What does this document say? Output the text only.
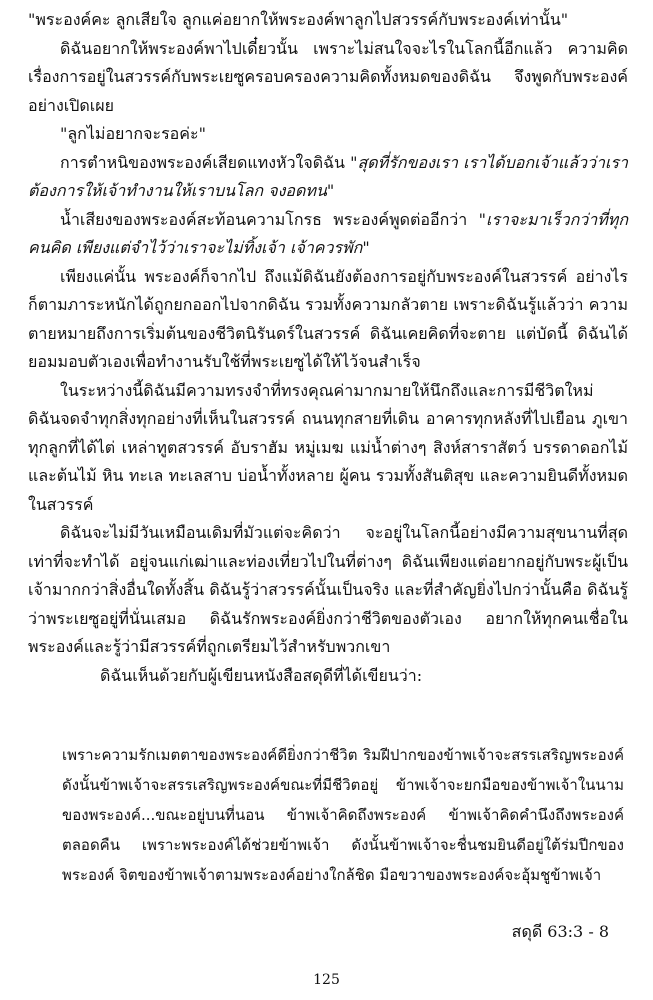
"พระองค์คะ ลูกเสียใจ ลูกแค่อยากให้พระองค์พาลูกไปสวรรค์กับพระองค์เท่านั้น"

ดิฉันอยากให้พระองค์พาไปเดี๋ยวนั้น เพราะไม่สนใจจะไรในโลกนี้อีกแล้ว ความคิดเรื่องการอยู่ในสวรรค์กับพระเยซูครอบครองความคิดทั้งหมดของดิฉัน จึงพูดกับพระองค์อย่างเปิดเผย

"ลูกไม่อยากจะรอค่ะ"

การตำหนิของพระองค์เสียดแทงหัวใจดิฉัน "สุดที่รักของเรา เราได้บอกเจ้าแล้วว่าเราต้องการให้เจ้าทำงานให้เราบนโลก จงอดทน"

น้ำเสียงของพระองค์สะท้อนความโกรธ พระองค์พูดต่ออีกว่า "เราจะมาเร็วกว่าที่ทุกคนคิด เพียงแต่จำไว้ว่าเราจะไม่ทิ้งเจ้า เจ้าควรพัก"

เพียงแค่นั้น พระองค์ก็จากไป ถึงแม้ดิฉันยังต้องการอยู่กับพระองค์ในสวรรค์ อย่างไรก็ตามภาระหนักได้ถูกยกออกไปจากดิฉัน รวมทั้งความกลัวตาย เพราะดิฉันรู้แล้วว่า ความตายหมายถึงการเริ่มต้นของชีวิตนิรันดร์ในสวรรค์ ดิฉันเคยคิดที่จะตาย แต่บัดนี้ ดิฉันได้ยอมมอบตัวเองเพื่อทำงานรับใช้ที่พระเยซูได้ให้ไว้จนสำเร็จ

ในระหว่างนี้ดิฉันมีความทรงจำที่ทรงคุณค่ามากมายให้นึกถึงและการมีชีวิตใหม่ ดิฉันจดจำทุกสิ่งทุกอย่างที่เห็นในสวรรค์ ถนนทุกสายที่เดิน อาคารทุกหลังที่ไปเยือน ภูเขาทุกลูกที่ได้ไต่ เหล่าทูตสวรรค์ อับราฮัม หมู่เมฆ แม่น้ำต่างๆ สิงห์สาราสัตว์ บรรดาดอกไม้และต้นไม้ หิน ทะเล ทะเลสาบ บ่อน้ำทั้งหลาย ผู้คน รวมทั้งสันติสุข และความยินดีทั้งหมดในสวรรค์

ดิฉันจะไม่มีวันเหมือนเดิมที่มัวแต่จะคิดว่า จะอยู่ในโลกนี้อย่างมีความสุขนานที่สุดเท่าที่จะทำได้ อยู่จนแก่เฒ่าและท่องเที่ยวไปในที่ต่างๆ ดิฉันเพียงแต่อยากอยู่กับพระผู้เป็นเจ้ามากกว่าสิ่งอื่นใดทั้งสิ้น ดิฉันรู้ว่าสวรรค์นั้นเป็นจริง และที่สำคัญยิ่งไปกว่านั้นคือ ดิฉันรู้ว่าพระเยซูอยู่ที่นั่นเสมอ ดิฉันรักพระองค์ยิ่งกว่าชีวิตของตัวเอง อยากให้ทุกคนเชื่อในพระองค์และรู้ว่ามีสวรรค์ที่ถูกเตรียมไว้สำหรับพวกเขา

ดิฉันเห็นด้วยกับผู้เขียนหนังสือสดุดีที่ได้เขียนว่า:

เพราะความรักเมตตาของพระองค์ดียิ่งกว่าชีวิต ริมฝีปากของข้าพเจ้าจะสรรเสริญพระองค์ ดังนั้นข้าพเจ้าจะสรรเสริญพระองค์ขณะที่มีชีวิตอยู่ ข้าพเจ้าจะยกมือของข้าพเจ้าในนามของพระองค์...ขณะอยู่บนที่นอน ข้าพเจ้าคิดถึงพระองค์ ข้าพเจ้าคิดคำนึงถึงพระองค์ตลอดคืน เพราะพระองค์ได้ช่วยข้าพเจ้า ดังนั้นข้าพเจ้าจะชื่นชมยินดีอยู่ใต้ร่มปีกของพระองค์ จิตของข้าพเจ้าตามพระองค์อย่างใกล้ชิด มือขวาของพระองค์จะอุ้มชูข้าพเจ้า

สดุดี 63:3 - 8
125
